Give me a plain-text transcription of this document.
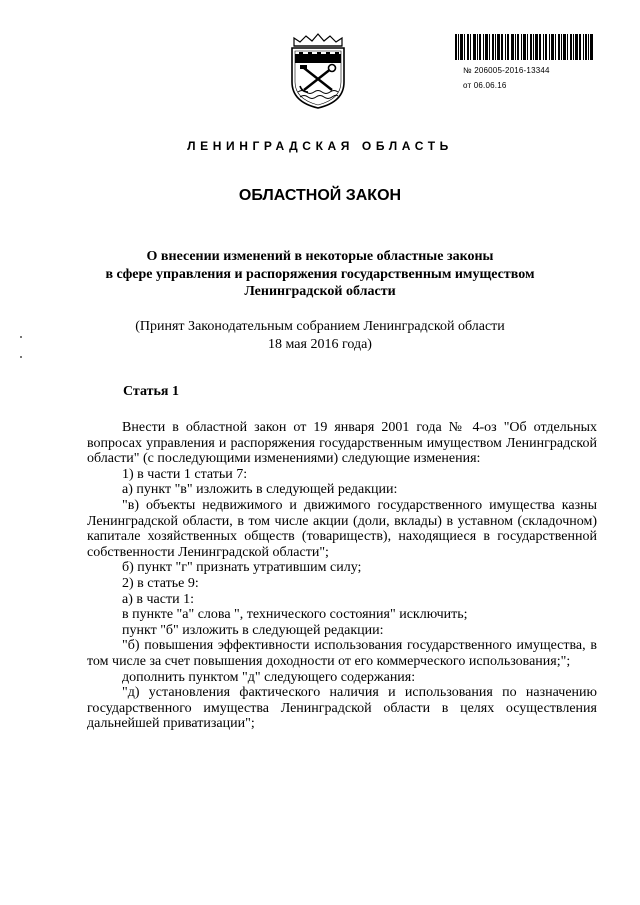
№ 206005-2016-13344
от 06.06.16
ЛЕНИНГРАДСКАЯ ОБЛАСТЬ
ОБЛАСТНОЙ ЗАКОН
О внесении изменений в некоторые областные законы
в сфере управления и распоряжения государственным имуществом
Ленинградской области
(Принят Законодательным собранием Ленинградской области
18 мая 2016 года)
Статья 1

Внести в областной закон от 19 января 2001 года № 4-оз "Об отдельных вопросах управления и распоряжения государственным имуществом Ленинградской области" (с последующими изменениями) следующие изменения:

1) в части 1 статьи 7:

а) пункт "в" изложить в следующей редакции:

"в) объекты недвижимого и движимого государственного имущества казны Ленинградской области, в том числе акции (доли, вклады) в уставном (складочном) капитале хозяйственных обществ (товариществ), находящиеся в государственной собственности Ленинградской области";

б) пункт "г" признать утратившим силу;

2) в статье 9:

а) в части 1:

в пункте "а" слова ", технического состояния" исключить;

пункт "б" изложить в следующей редакции:

"б) повышения эффективности использования государственного имущества, в том числе за счет повышения доходности от его коммерческого использования;";

дополнить пунктом "д" следующего содержания:

"д) установления фактического наличия и использования по назначению государственного имущества Ленинградской области в целях осуществления дальнейшей приватизации";
